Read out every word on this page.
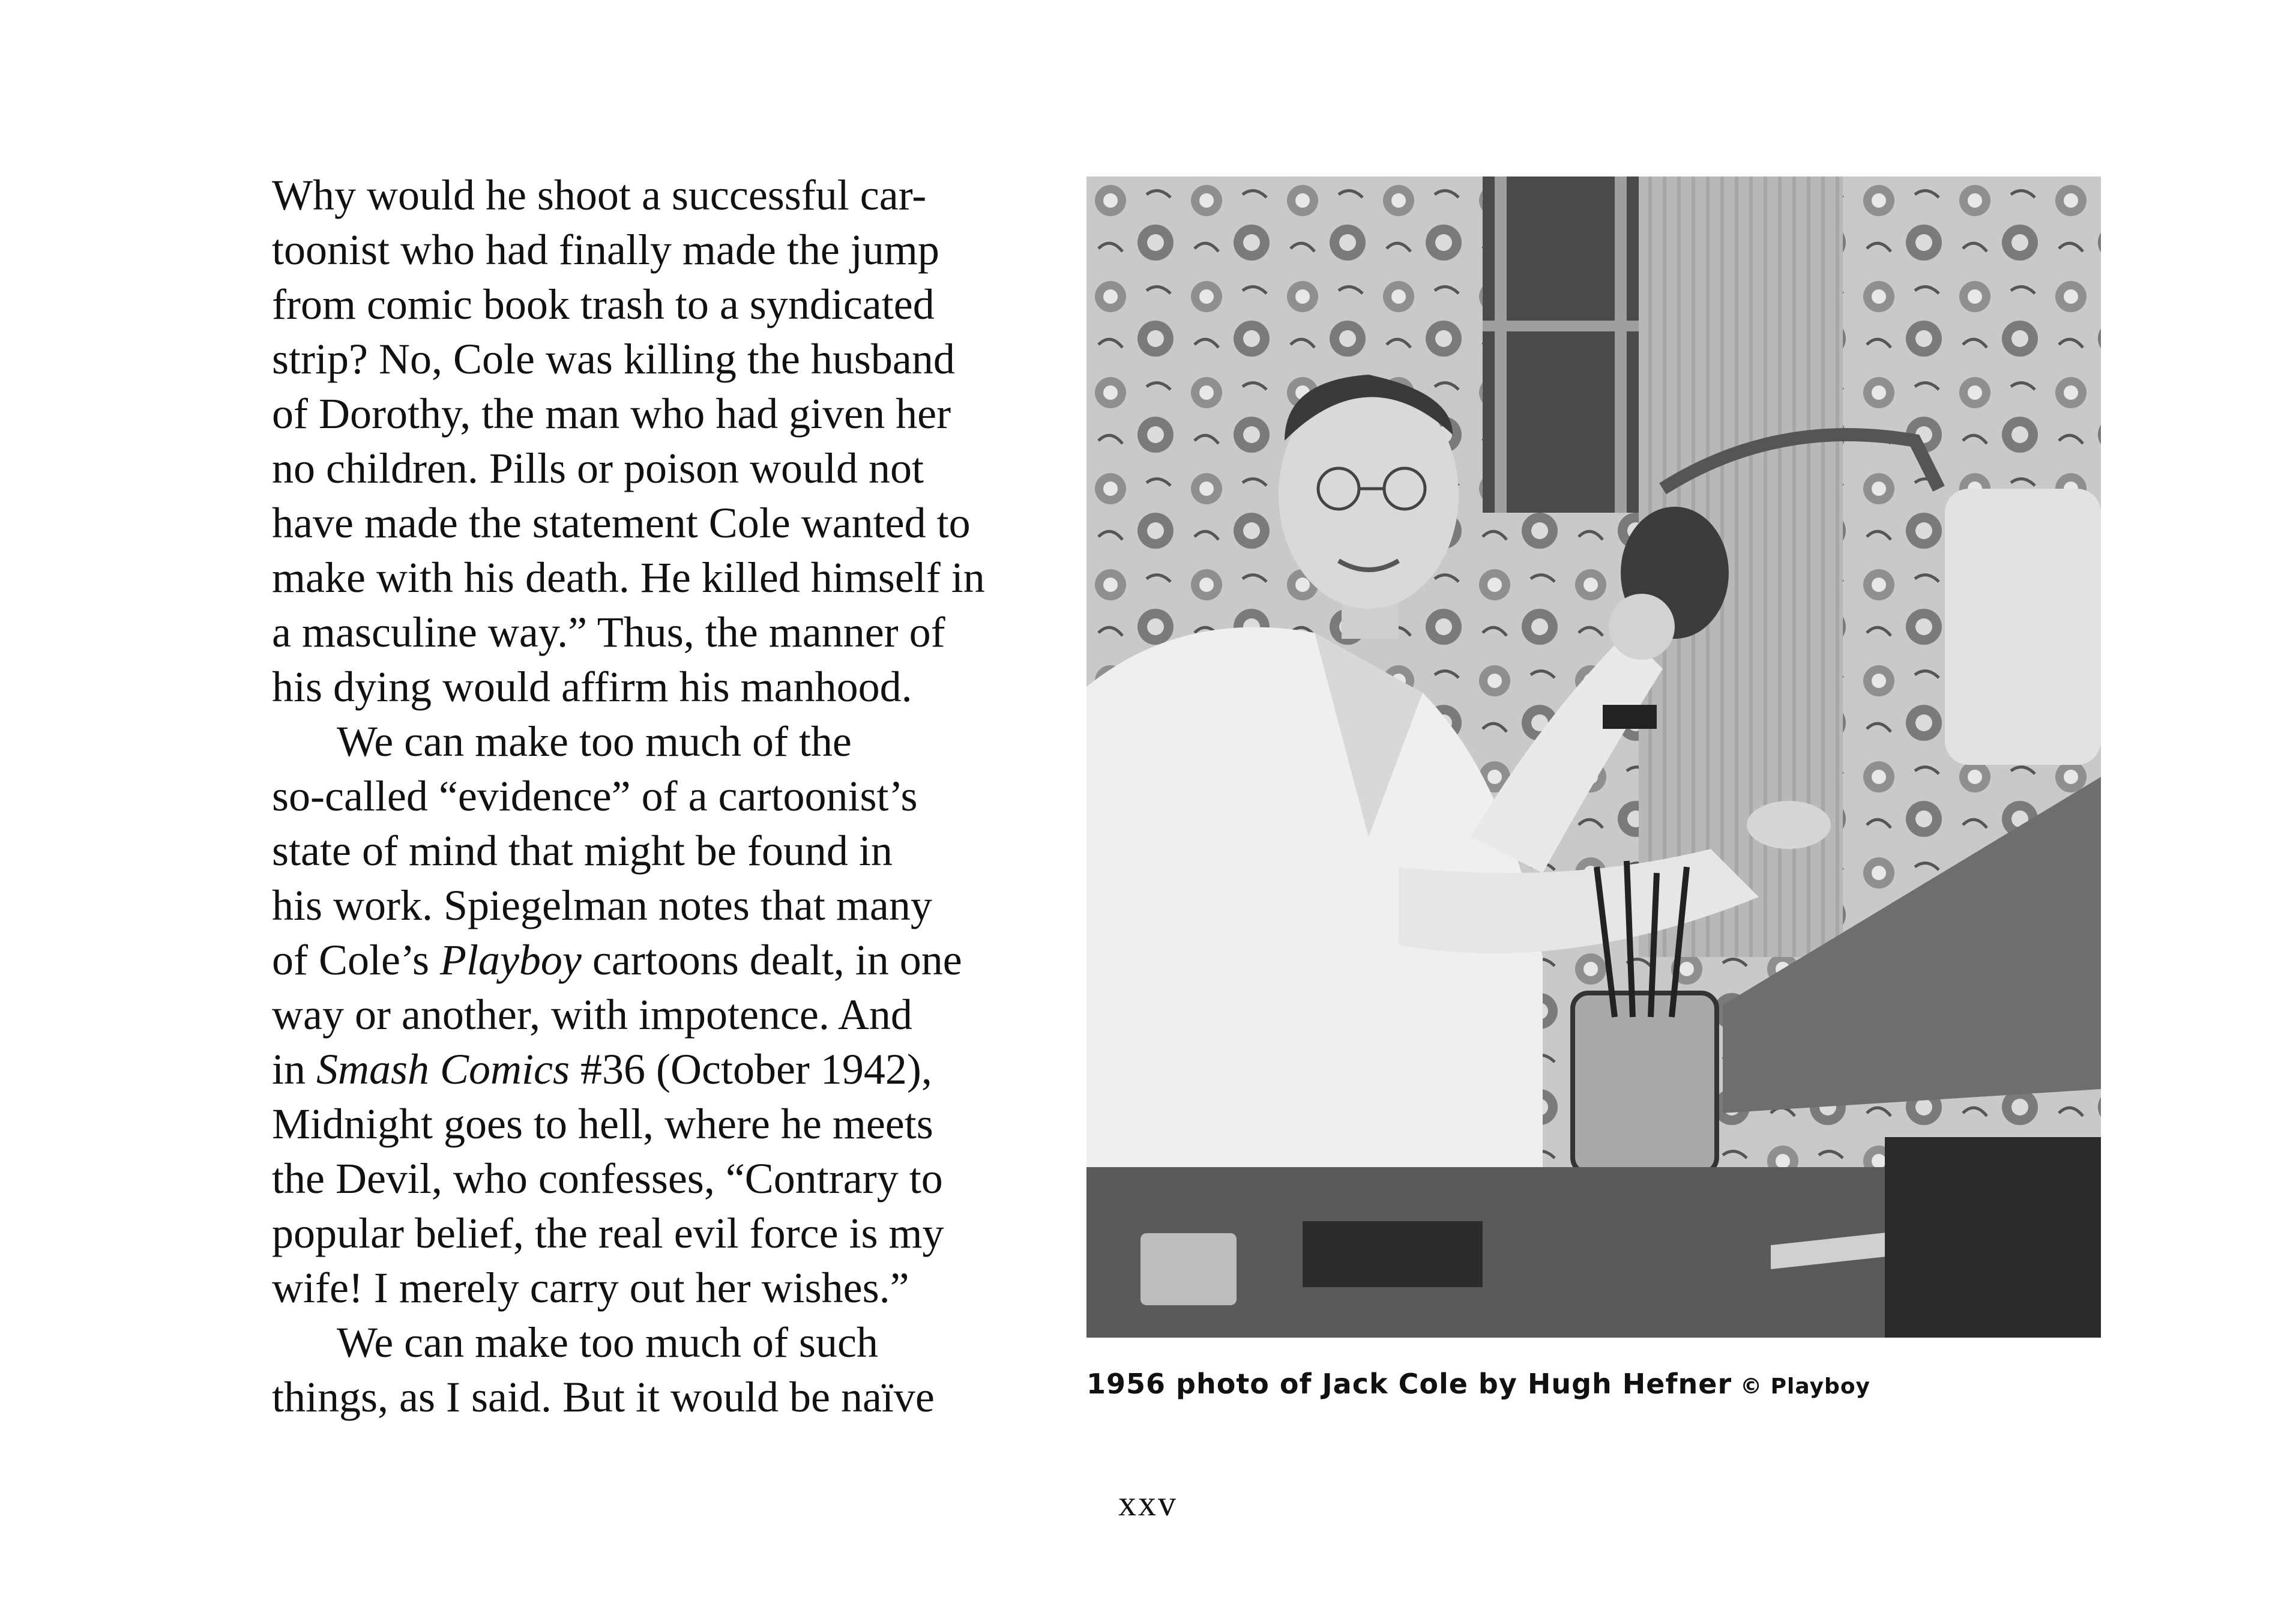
Why would he shoot a successful car-
toonist who had finally made the jump
from comic book trash to a syndicated
strip? No, Cole was killing the husband
of Dorothy, the man who had given her
no children. Pills or poison would not
have made the statement Cole wanted to
make with his death. He killed himself in
a masculine way.” Thus, the manner of
his dying would affirm his manhood.
We can make too much of the
so-called “evidence” of a cartoonist’s
state of mind that might be found in
his work. Spiegelman notes that many
of Cole’s Playboy cartoons dealt, in one
way or another, with impotence. And
in Smash Comics #36 (October 1942),
Midnight goes to hell, where he meets
the Devil, who confesses, “Contrary to
popular belief, the real evil force is my
wife! I merely carry out her wishes.”
We can make too much of such
things, as I said. But it would be naïve	1956 photo of Jack Cole by Hugh Hefner © Playboy
xxv
